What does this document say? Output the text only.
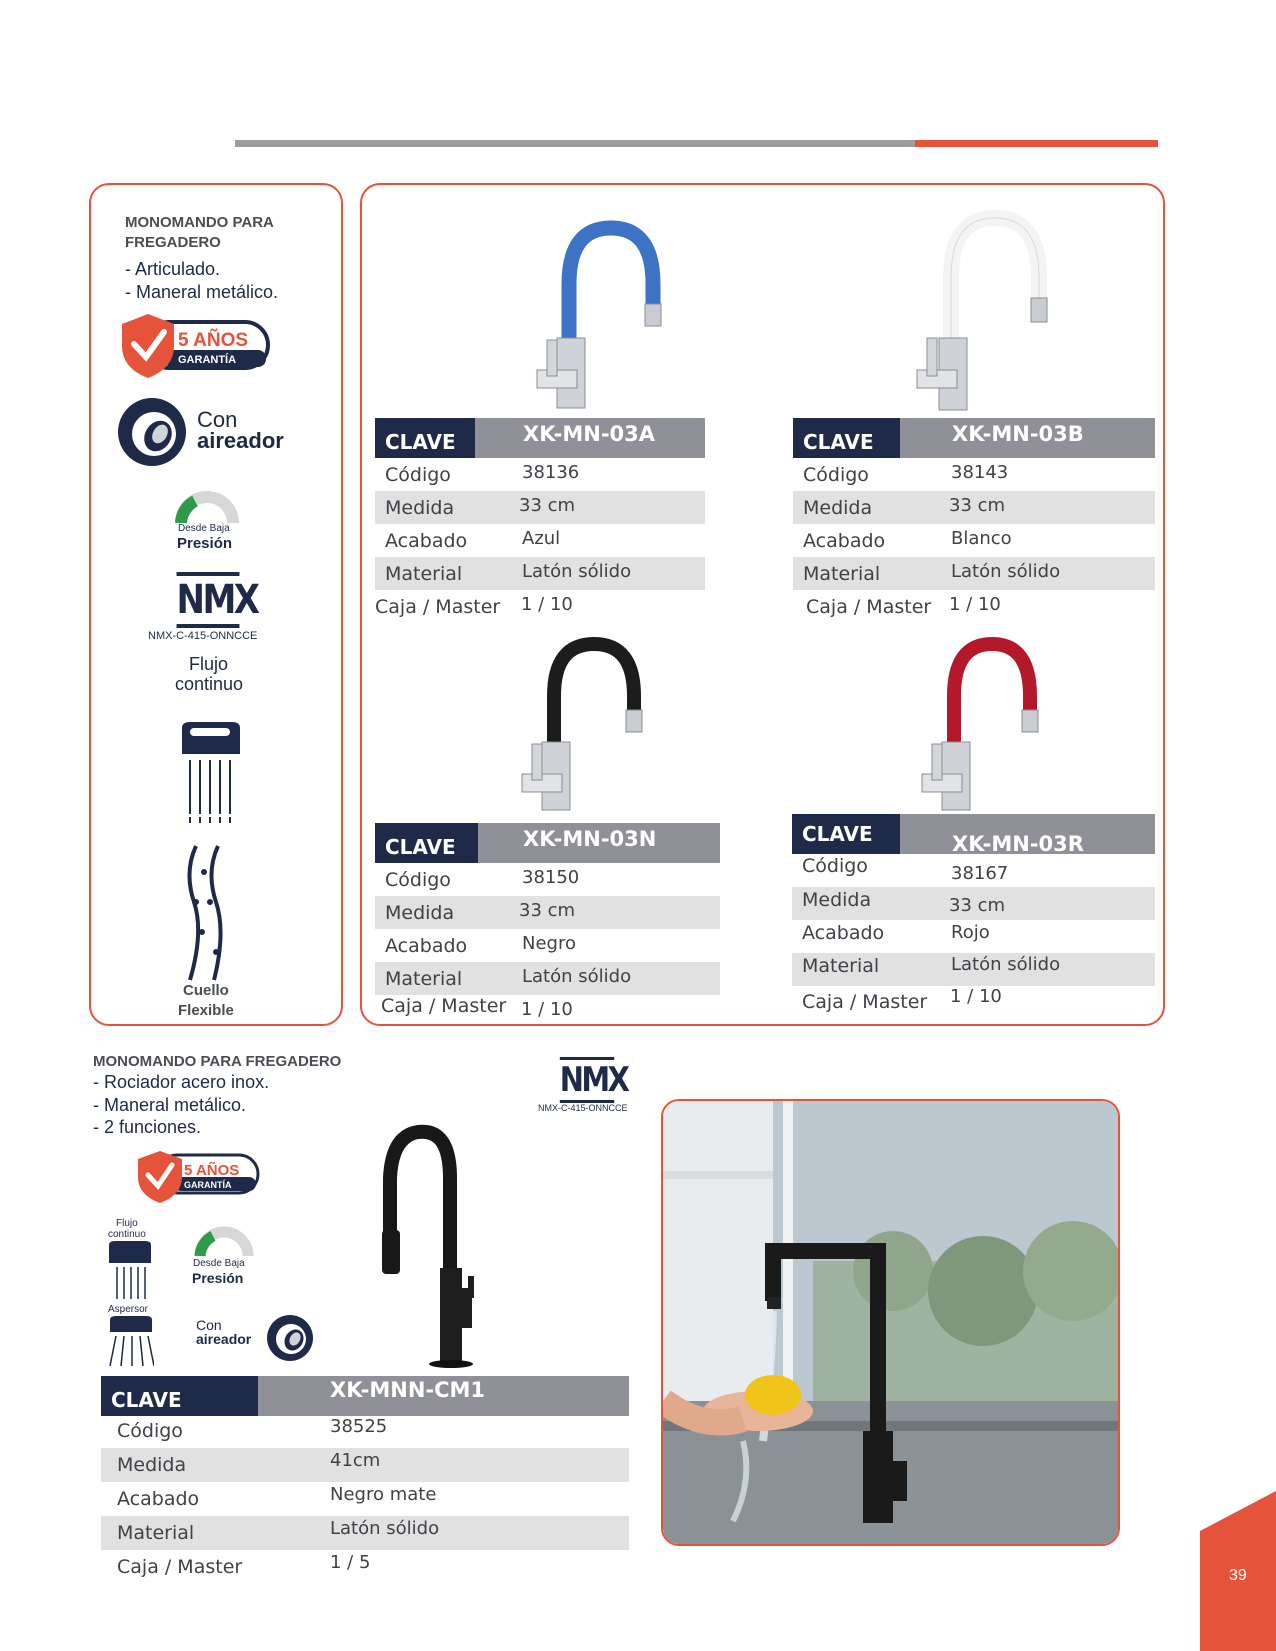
MONOMANDO PARA FREGADERO
- Articulado.
- Maneral metálico.
5 AÑOS
GARANTÍA
Con
aireador
Desde Baja
Presión
NMX
NMX-C-415-ONNCCE
Flujo
continuo
Cuello
Flexible
CLAVE	XK-MN-03A
Código	38136
Medida	33 cm
Acabado	Azul
Material	Latón sólido
Caja / Master 1 / 10
CLAVE	XK-MN-03B
Código	38143
Medida	33 cm
Acabado	Blanco
Material	Latón sólido
Caja / Master 1 / 10
CLAVE	XK-MN-03N
Código	38150
Medida	33 cm
Acabado	Negro
Material	Latón sólido
Caja / Master 1 / 10
CLAVE	XK-MN-03R
Código	38167
Medida	33 cm
Acabado	Rojo
Material	Latón sólido
Caja / Master 1 / 10
MONOMANDO PARA FREGADERO
- Rociador acero inox.
- Maneral metálico.
- 2 funciones.
NMX
NMX-C-415-ONNCCE
5 AÑOS
GARANTÍA
Flujo
continuo
Aspersor
Desde Baja
Presión
Con
aireador
CLAVE	XK-MNN-CM1
Código	38525
Medida	41cm
Acabado	Negro mate
Material	Latón sólido
Caja / Master	1 / 5
39
